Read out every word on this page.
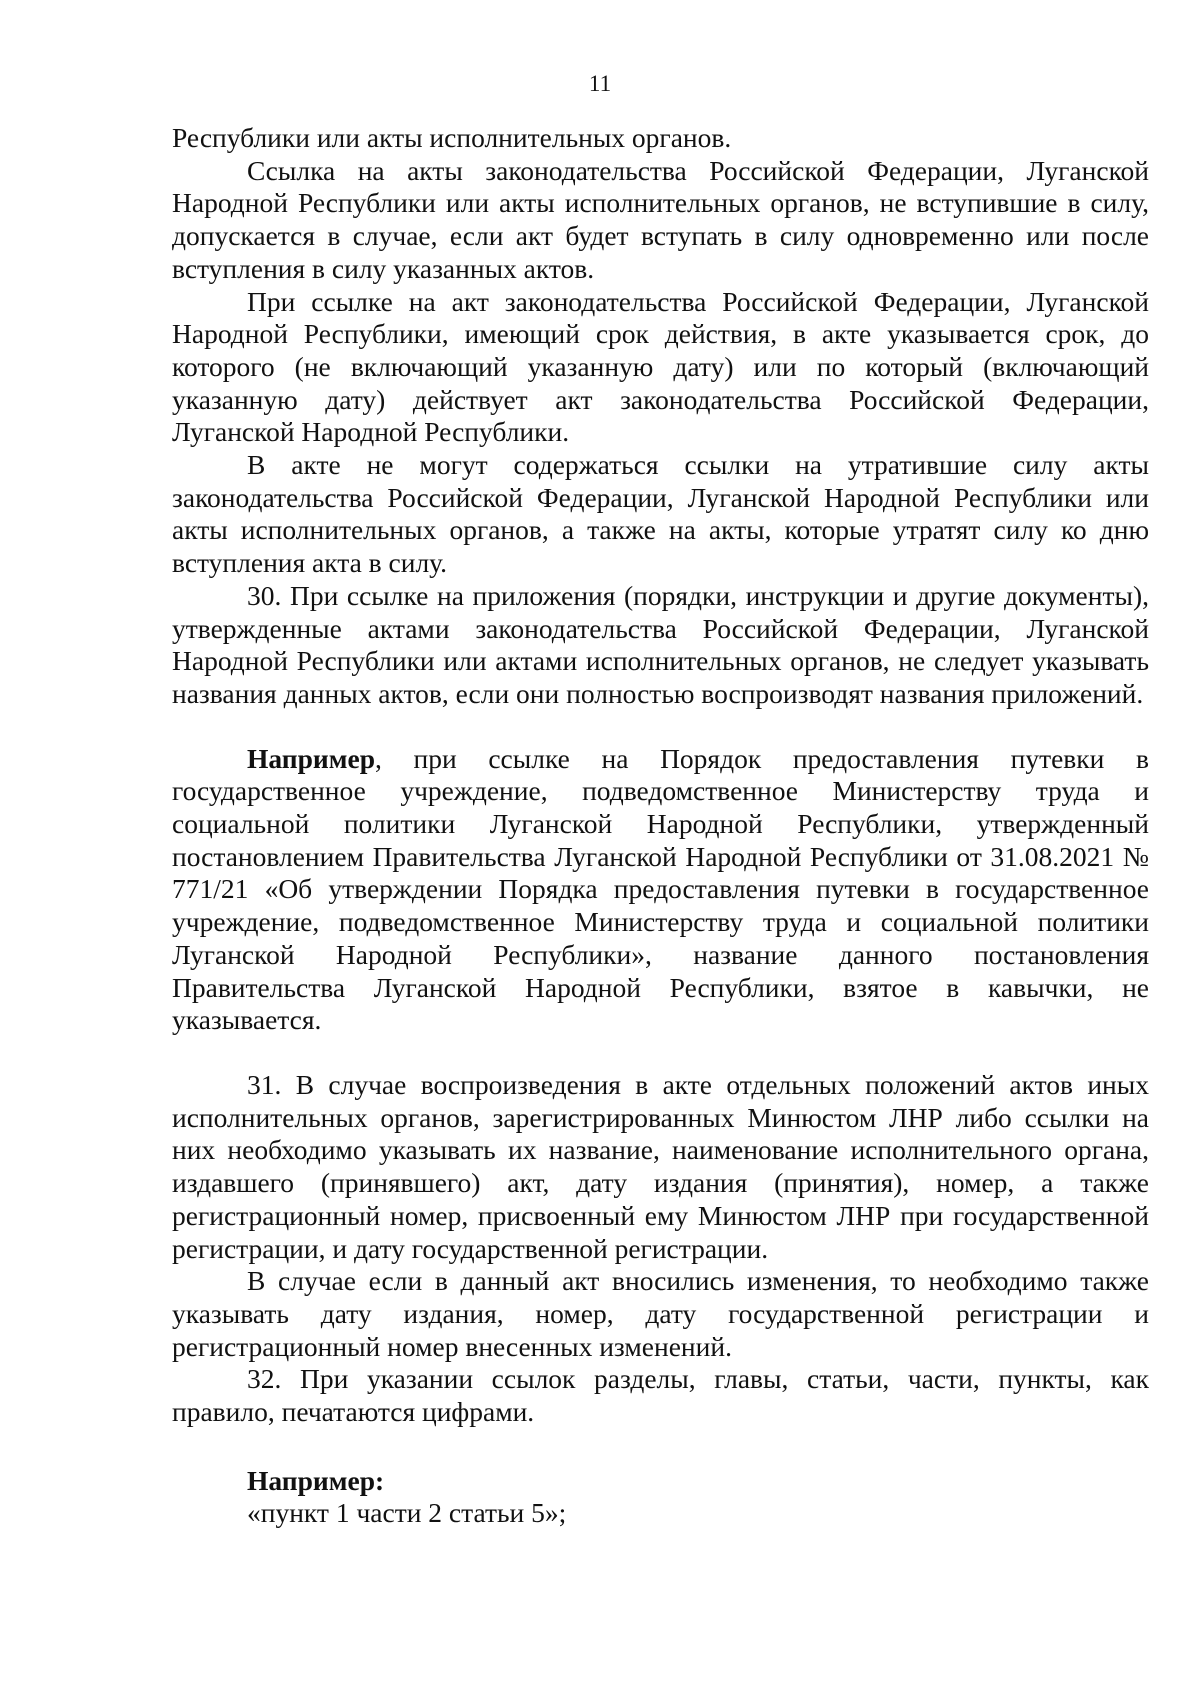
11

Республики или акты исполнительных органов.

Ссылка на акты законодательства Российской Федерации, Луганской Народной Республики или акты исполнительных органов, не вступившие в силу, допускается в случае, если акт будет вступать в силу одновременно или после вступления в силу указанных актов.

При ссылке на акт законодательства Российской Федерации, Луганской Народной Республики, имеющий срок действия, в акте указывается срок, до которого (не включающий указанную дату) или по который (включающий указанную дату) действует акт законодательства Российской Федерации, Луганской Народной Республики.

В акте не могут содержаться ссылки на утратившие силу акты законодательства Российской Федерации, Луганской Народной Республики или акты исполнительных органов, а также на акты, которые утратят силу ко дню вступления акта в силу.

30. При ссылке на приложения (порядки, инструкции и другие документы), утвержденные актами законодательства Российской Федерации, Луганской Народной Республики или актами исполнительных органов, не следует указывать названия данных актов, если они полностью воспроизводят названия приложений.

Например, при ссылке на Порядок предоставления путевки в государственное учреждение, подведомственное Министерству труда и социальной политики Луганской Народной Республики, утвержденный постановлением Правительства Луганской Народной Республики от 31.08.2021 № 771/21 «Об утверждении Порядка предоставления путевки в государственное учреждение, подведомственное Министерству труда и социальной политики Луганской Народной Республики», название данного постановления Правительства Луганской Народной Республики, взятое в кавычки, не указывается.

31. В случае воспроизведения в акте отдельных положений актов иных исполнительных органов, зарегистрированных Минюстом ЛНР либо ссылки на них необходимо указывать их название, наименование исполнительного органа, издавшего (принявшего) акт, дату издания (принятия), номер, а также регистрационный номер, присвоенный ему Минюстом ЛНР при государственной регистрации, и дату государственной регистрации.

В случае если в данный акт вносились изменения, то необходимо также указывать дату издания, номер, дату государственной регистрации и регистрационный номер внесенных изменений.

32. При указании ссылок разделы, главы, статьи, части, пункты, как правило, печатаются цифрами.

Например:

«пункт 1 части 2 статьи 5»;
